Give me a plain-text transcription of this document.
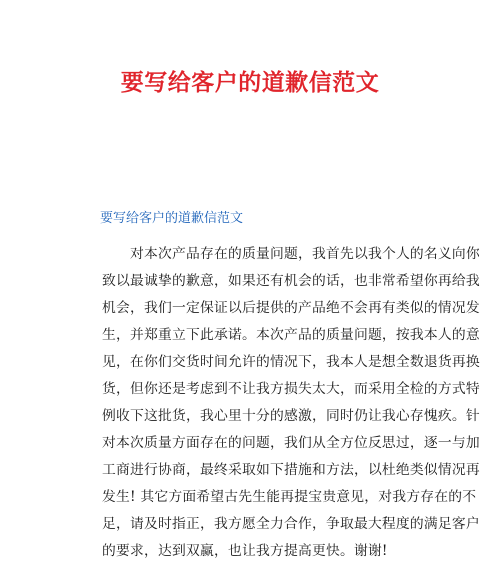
要写给客户的道歉信范文
要写给客户的道歉信范文
对本次产品存在的质量问题，我首先以我个人的名义向你
致以最诚挚的歉意，如果还有机会的话，也非常希望你再给我
机会，我们一定保证以后提供的产品绝不会再有类似的情况发
生，并郑重立下此承诺。本次产品的质量问题，按我本人的意
见，在你们交货时间允许的情况下，我本人是想全数退货再换
货，但你还是考虑到不让我方损失太大，而采用全检的方式特
例收下这批货，我心里十分的感激，同时仍让我心存愧疚。针
对本次质量方面存在的问题，我们从全方位反思过，逐一与加
工商进行协商，最终采取如下措施和方法，以杜绝类似情况再
发生! 其它方面希望古先生能再提宝贵意见，对我方存在的不
足，请及时指正，我方愿全力合作，争取最大程度的满足客户
的要求，达到双赢，也让我方提高更快。谢谢!
